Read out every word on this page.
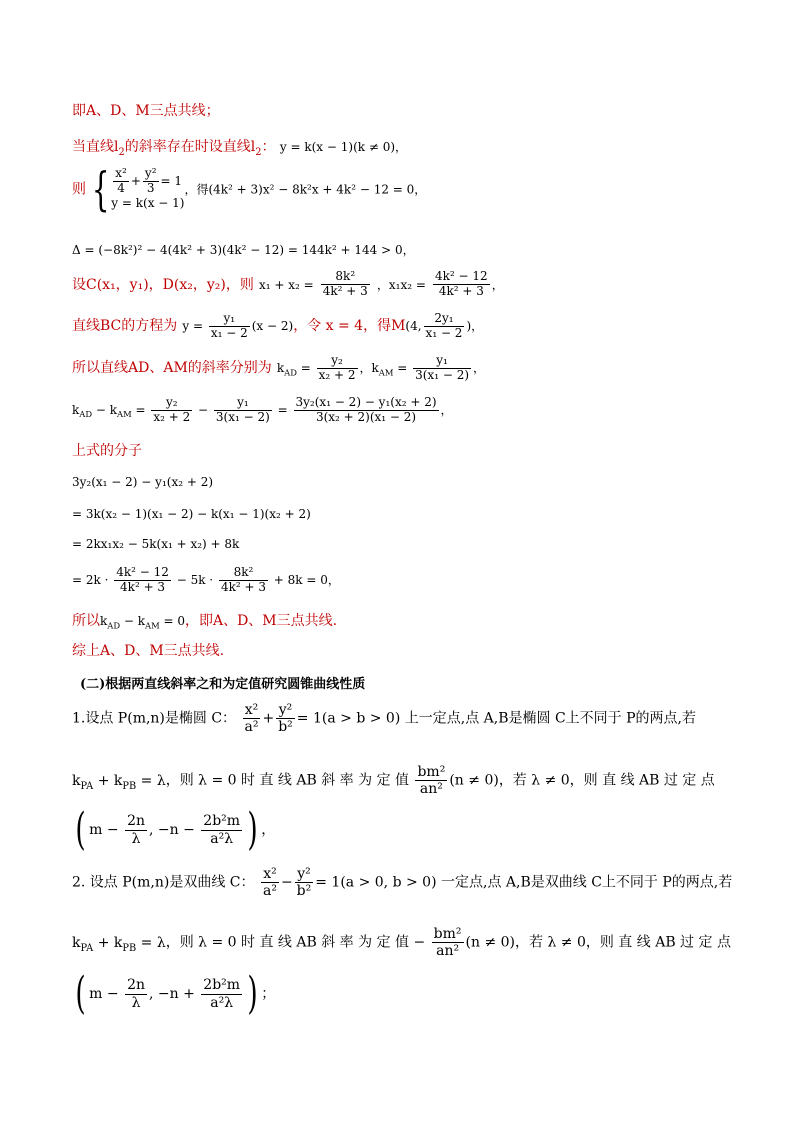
即A、D、M三点共线；
当直线$l_2$的斜率存在时设直线$l_2$： y = k(x − 1)(k ≠ 0)，
则 { $\frac{\text{x²}}{4} + \frac{\text{y²}}{3} = 1$
y = k(x − 1)
，得(4k² + 3)x² − 8k²x + 4k² − 12 = 0，
Δ = (−8k²)² − 4(4k² + 3)(4k² − 12) = 144k² + 144 > 0，
设C(x₁，y₁)，D(x₂，y₂)，则 $x_1 + x_2 = \frac{\text{8k²}}{\text{4k² + 3}}$ ，$x_1x_2 = \frac{\text{4k² − 12}}{\text{4k² + 3}}$ ，
直线BC的方程为 $y = \frac{\text{y₁}}{\text{x₁ − 2}} (x - 2)$，令 x = 4，得M(4, $\frac{\text{2y₁}}{\text{x₁ − 2}}$ )，
所以直线AD、AM的斜率分别为 $k_{AD} = \frac{\text{y₂}}{\text{x₂ + 2}}$ ，$k_{AM} = \frac{\text{y₁}}{\text{3(x₁ − 2)}}$ ，
$k_{AD} - k_{AM} = \frac{\text{y₂}}{\text{x₂ + 2}} - \frac{\text{y₁}}{\text{3(x₁ − 2)}} = \frac{\text{3y₂(x₁ − 2) − y₁(x₂ + 2)}}{\text{3(x₂ + 2)(x₁ − 2)}}$ ，
上式的分子
3y₂(x₁ − 2) − y₁(x₂ + 2)
= 3k(x₂ − 1)(x₁ − 2) − k(x₁ − 1)(x₂ + 2)
= 2kx₁x₂ − 5k(x₁ + x₂) + 8k
= $2k \cdot \frac{\text{4k² − 12}}{\text{4k² + 3}} - 5k \cdot \frac{\text{8k²}}{\text{4k² + 3}} + 8k = 0$，
所以$k_{AD} - k_{AM} = 0$，即A、D、M三点共线.
综上A、D、M三点共线.
(二)根据两直线斜率之和为定值研究圆锥曲线性质
1.设点 P(m,n)是椭圆 C： $\frac{\text{x²}}{\text{a²}} + \frac{\text{y²}}{\text{b²}} = 1(a > b > 0)$ 上一定点,点 A,B是椭圆 C上不同于 P的两点,若
$k_{PA} + k_{PB} = \lambda$，则 λ = 0 时 直 线 AB 斜 率 为 定 值 $\frac{\text{bm²}}{\text{an²}} (n \ne 0)$，若 λ ≠ 0，则 直 线 AB 过 定 点
( $m - \frac{2n}{\lambda}$ , $-n - \frac{\text{2b²m}}{\text{a²λ}}$ ) ，
2. 设点 P(m,n)是双曲线 C： $\frac{\text{x²}}{\text{a²}} - \frac{\text{y²}}{\text{b²}} = 1(a > 0$, b > 0) 一定点,点 A,B是双曲线 C上不同于 P的两点,若
$k_{PA} + k_{PB} = \lambda$，则 λ = 0 时 直 线 AB 斜 率 为 定 值 − $\frac{\text{bm²}}{\text{an²}} (n \ne 0)$，若 λ ≠ 0，则 直 线 AB 过 定 点
( $m - \frac{2n}{\lambda}$ , $-n + \frac{\text{2b²m}}{\text{a²λ}}$ ) ；
